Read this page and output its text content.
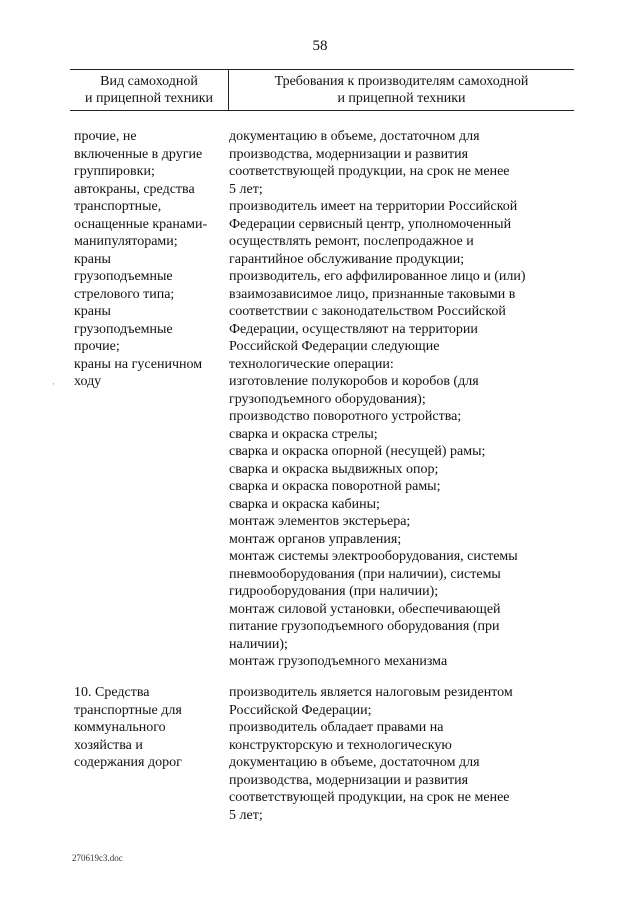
58
Вид самоходной
и прицепной техники
Требования к производителям самоходной
и прицепной техники
прочие, не
включенные в другие
группировки;
автокраны, средства
транспортные,
оснащенные кранами-
манипуляторами;
краны
грузоподъемные
стрелового типа;
краны
грузоподъемные
прочие;
краны на гусеничном
ходу
документацию в объеме, достаточном для
производства, модернизации и развития
соответствующей продукции, на срок не менее
5 лет;
производитель имеет на территории Российской
Федерации сервисный центр, уполномоченный
осуществлять ремонт, послепродажное и
гарантийное обслуживание продукции;
производитель, его аффилированное лицо и (или)
взаимозависимое лицо, признанные таковыми в
соответствии с законодательством Российской
Федерации, осуществляют на территории
Российской Федерации следующие
технологические операции:
изготовление полукоробов и коробов (для
грузоподъемного оборудования);
производство поворотного устройства;
сварка и окраска стрелы;
сварка и окраска опорной (несущей) рамы;
сварка и окраска выдвижных опор;
сварка и окраска поворотной рамы;
сварка и окраска кабины;
монтаж элементов экстерьера;
монтаж органов управления;
монтаж системы электрооборудования, системы
пневмооборудования (при наличии), системы
гидрооборудования (при наличии);
монтаж силовой установки, обеспечивающей
питание грузоподъемного оборудования (при
наличии);
монтаж грузоподъемного механизма
10. Средства
транспортные для
коммунального
хозяйства и
содержания дорог
производитель является налоговым резидентом
Российской Федерации;
производитель обладает правами на
конструкторскую и технологическую
документацию в объеме, достаточном для
производства, модернизации и развития
соответствующей продукции, на срок не менее
5 лет;
·
270619c3.doc
